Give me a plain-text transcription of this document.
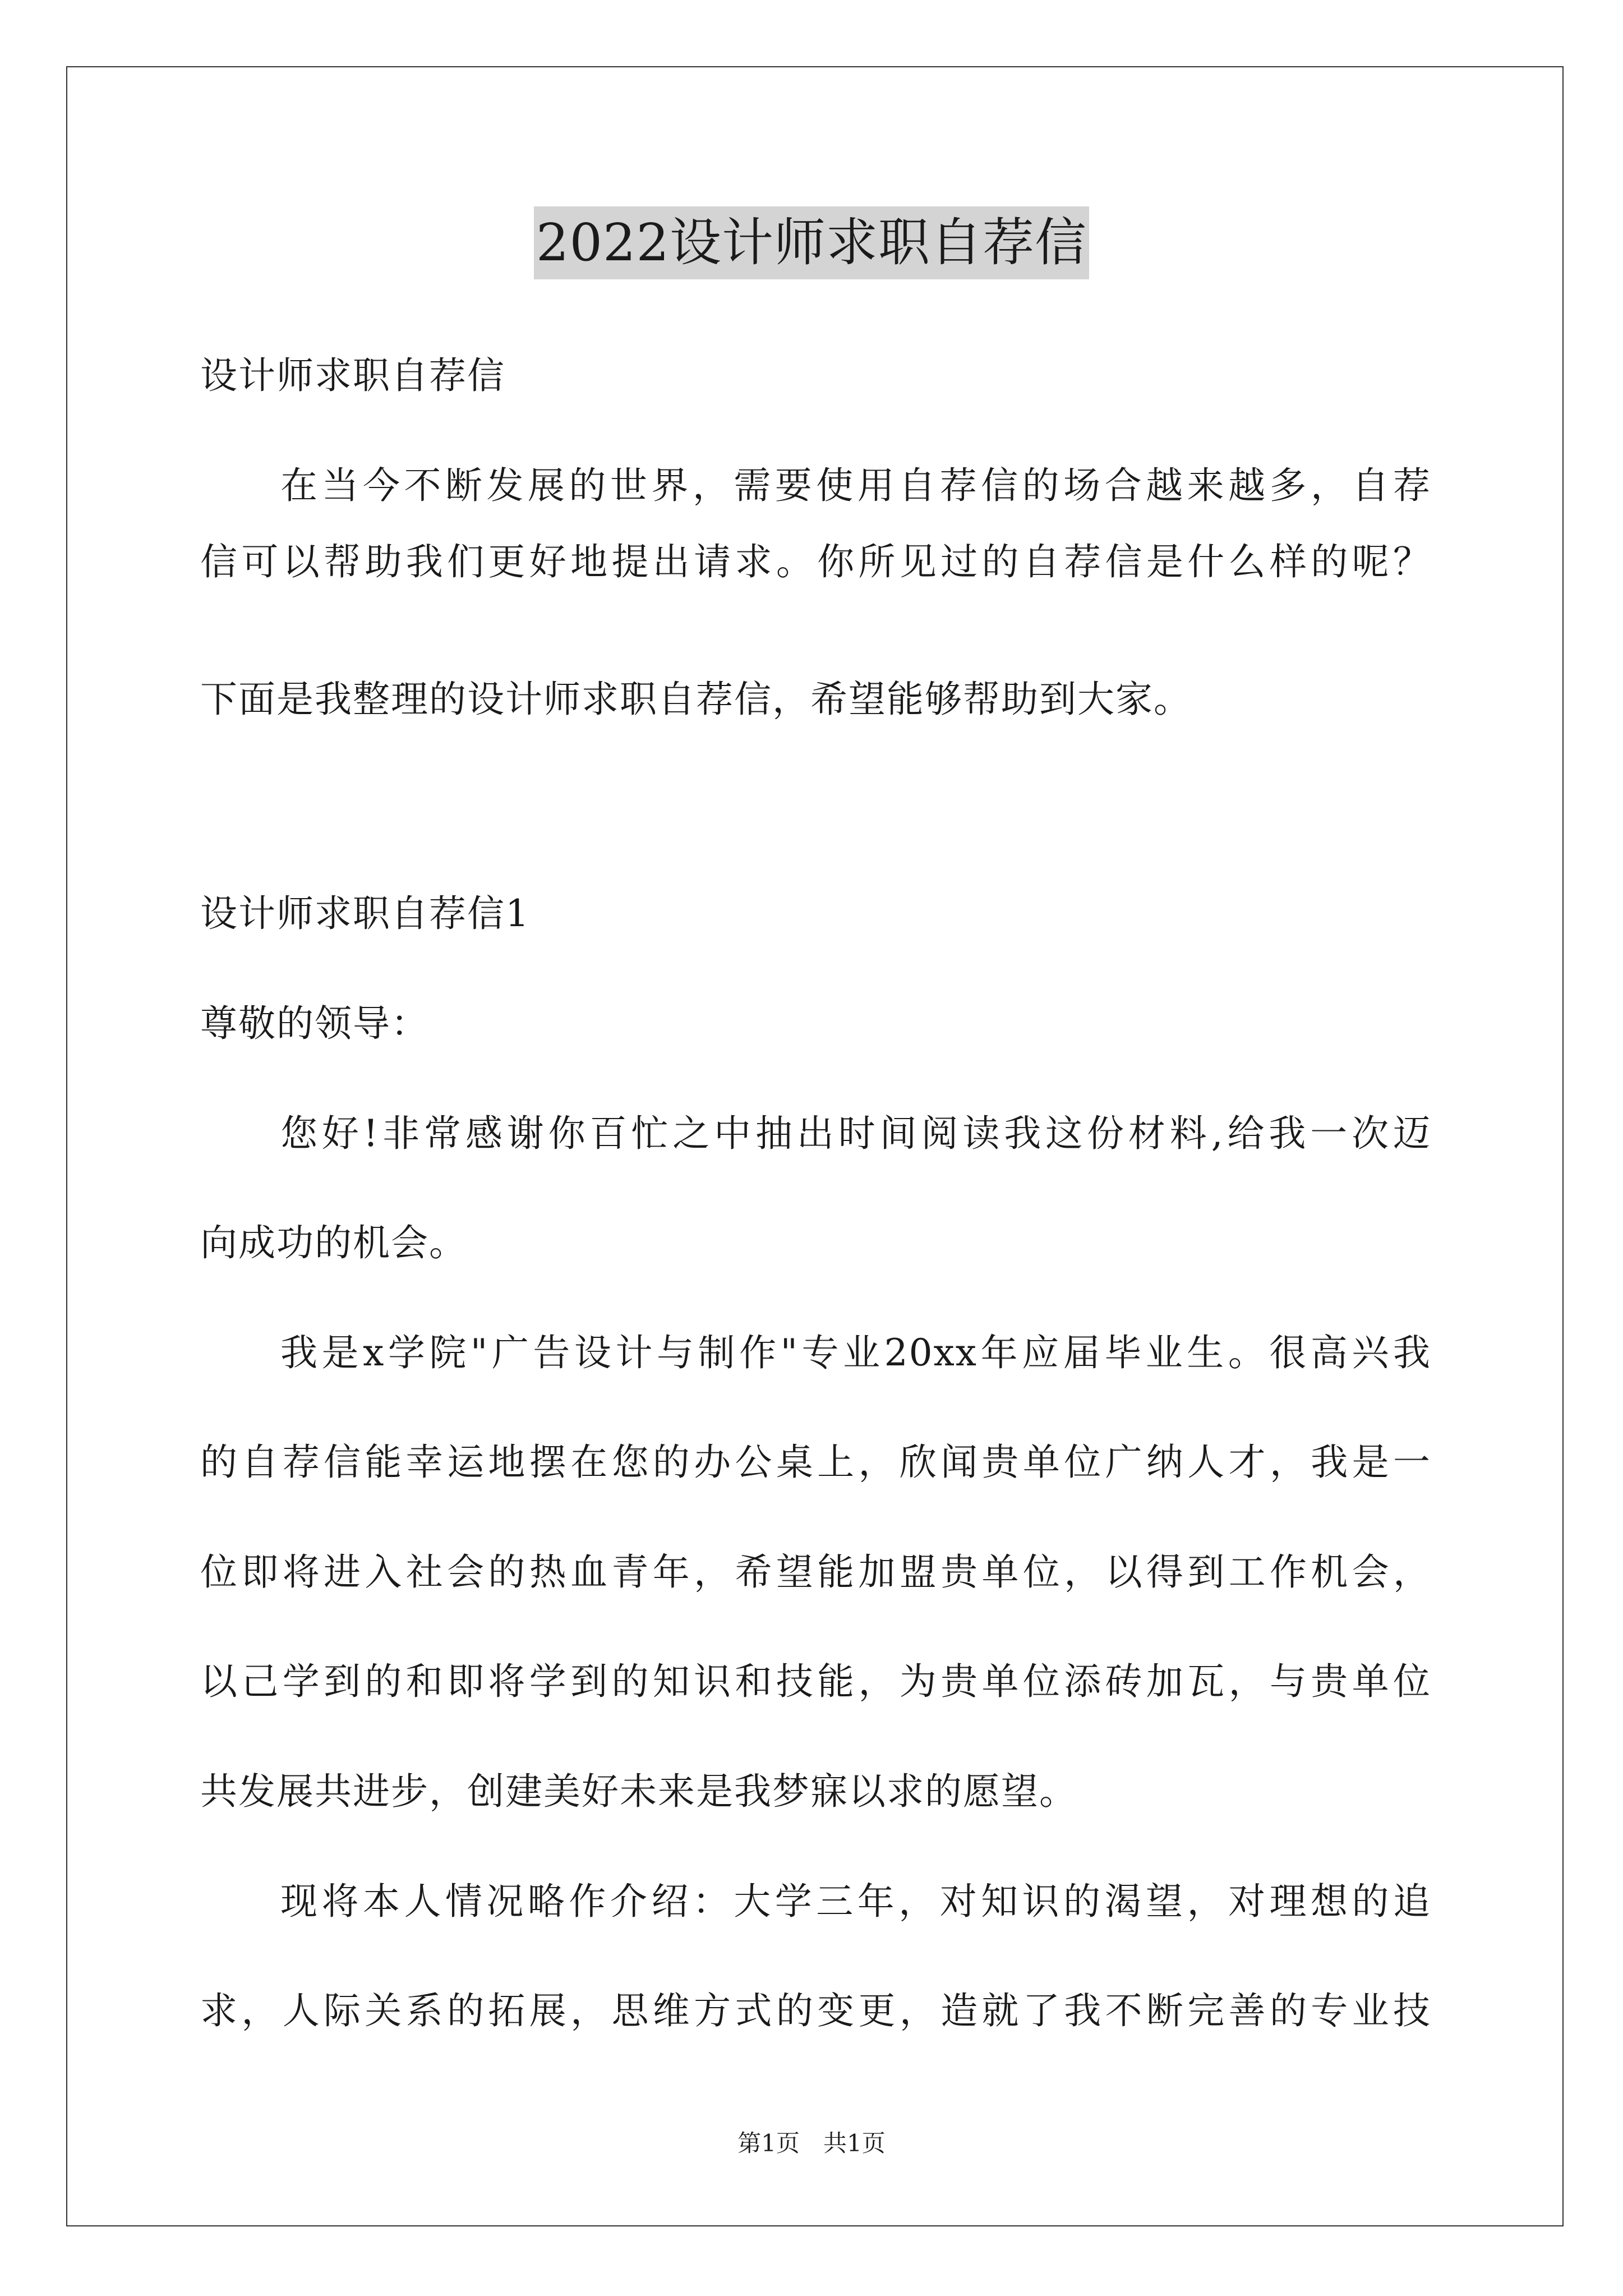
2022设计师求职自荐信
设计师求职自荐信
在当今不断发展的世界，需要使用自荐信的场合越来越多，自荐
信可以帮助我们更好地提出请求。你所见过的自荐信是什么样的呢？
下面是我整理的设计师求职自荐信，希望能够帮助到大家。
设计师求职自荐信1
尊敬的领导：
您好!非常感谢你百忙之中抽出时间阅读我这份材料,给我一次迈
向成功的机会。
我是x学院"广告设计与制作"专业20xx年应届毕业生。很高兴我
的自荐信能幸运地摆在您的办公桌上，欣闻贵单位广纳人才，我是一
位即将进入社会的热血青年，希望能加盟贵单位，以得到工作机会，
以己学到的和即将学到的知识和技能，为贵单位添砖加瓦，与贵单位
共发展共进步，创建美好未来是我梦寐以求的愿望。
现将本人情况略作介绍：大学三年，对知识的渴望，对理想的追
求，人际关系的拓展，思维方式的变更，造就了我不断完善的专业技
第1页　共1页
